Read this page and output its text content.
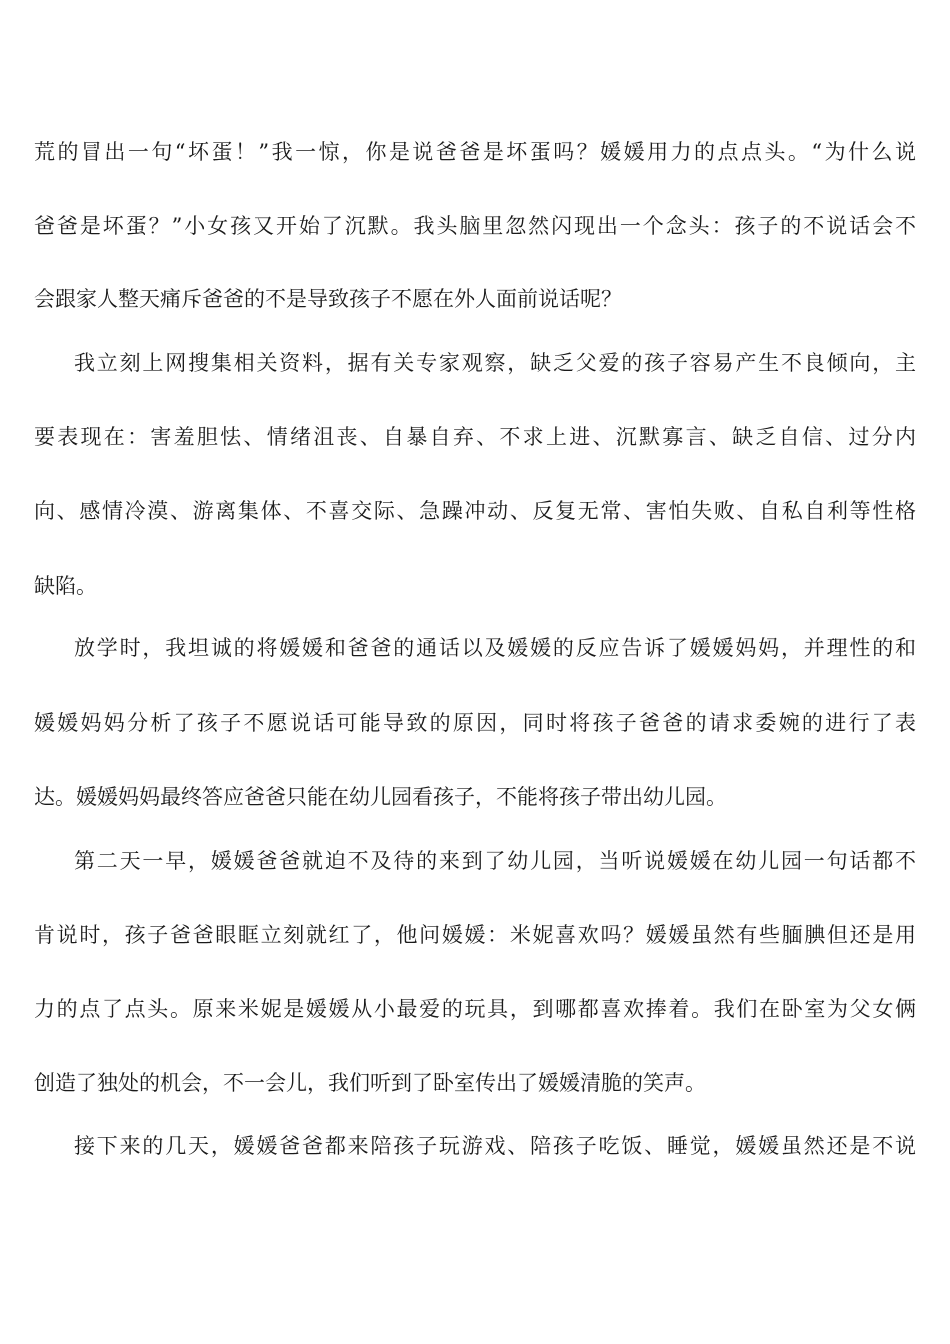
荒的冒出一句“坏蛋！”我一惊，你是说爸爸是坏蛋吗？媛媛用力的点点头。“为什么说
爸爸是坏蛋？”小女孩又开始了沉默。我头脑里忽然闪现出一个念头：孩子的不说话会不
会跟家人整天痛斥爸爸的不是导致孩子不愿在外人面前说话呢？
我立刻上网搜集相关资料，据有关专家观察，缺乏父爱的孩子容易产生不良倾向，主
要表现在：害羞胆怯、情绪沮丧、自暴自弃、不求上进、沉默寡言、缺乏自信、过分内
向、感情冷漠、游离集体、不喜交际、急躁冲动、反复无常、害怕失败、自私自利等性格
缺陷。
放学时，我坦诚的将媛媛和爸爸的通话以及媛媛的反应告诉了媛媛妈妈，并理性的和
媛媛妈妈分析了孩子不愿说话可能导致的原因，同时将孩子爸爸的请求委婉的进行了表
达。媛媛妈妈最终答应爸爸只能在幼儿园看孩子，不能将孩子带出幼儿园。
第二天一早，媛媛爸爸就迫不及待的来到了幼儿园，当听说媛媛在幼儿园一句话都不
肯说时，孩子爸爸眼眶立刻就红了，他问媛媛：米妮喜欢吗？媛媛虽然有些腼腆但还是用
力的点了点头。原来米妮是媛媛从小最爱的玩具，到哪都喜欢捧着。我们在卧室为父女俩
创造了独处的机会，不一会儿，我们听到了卧室传出了媛媛清脆的笑声。
接下来的几天，媛媛爸爸都来陪孩子玩游戏、陪孩子吃饭、睡觉，媛媛虽然还是不说
